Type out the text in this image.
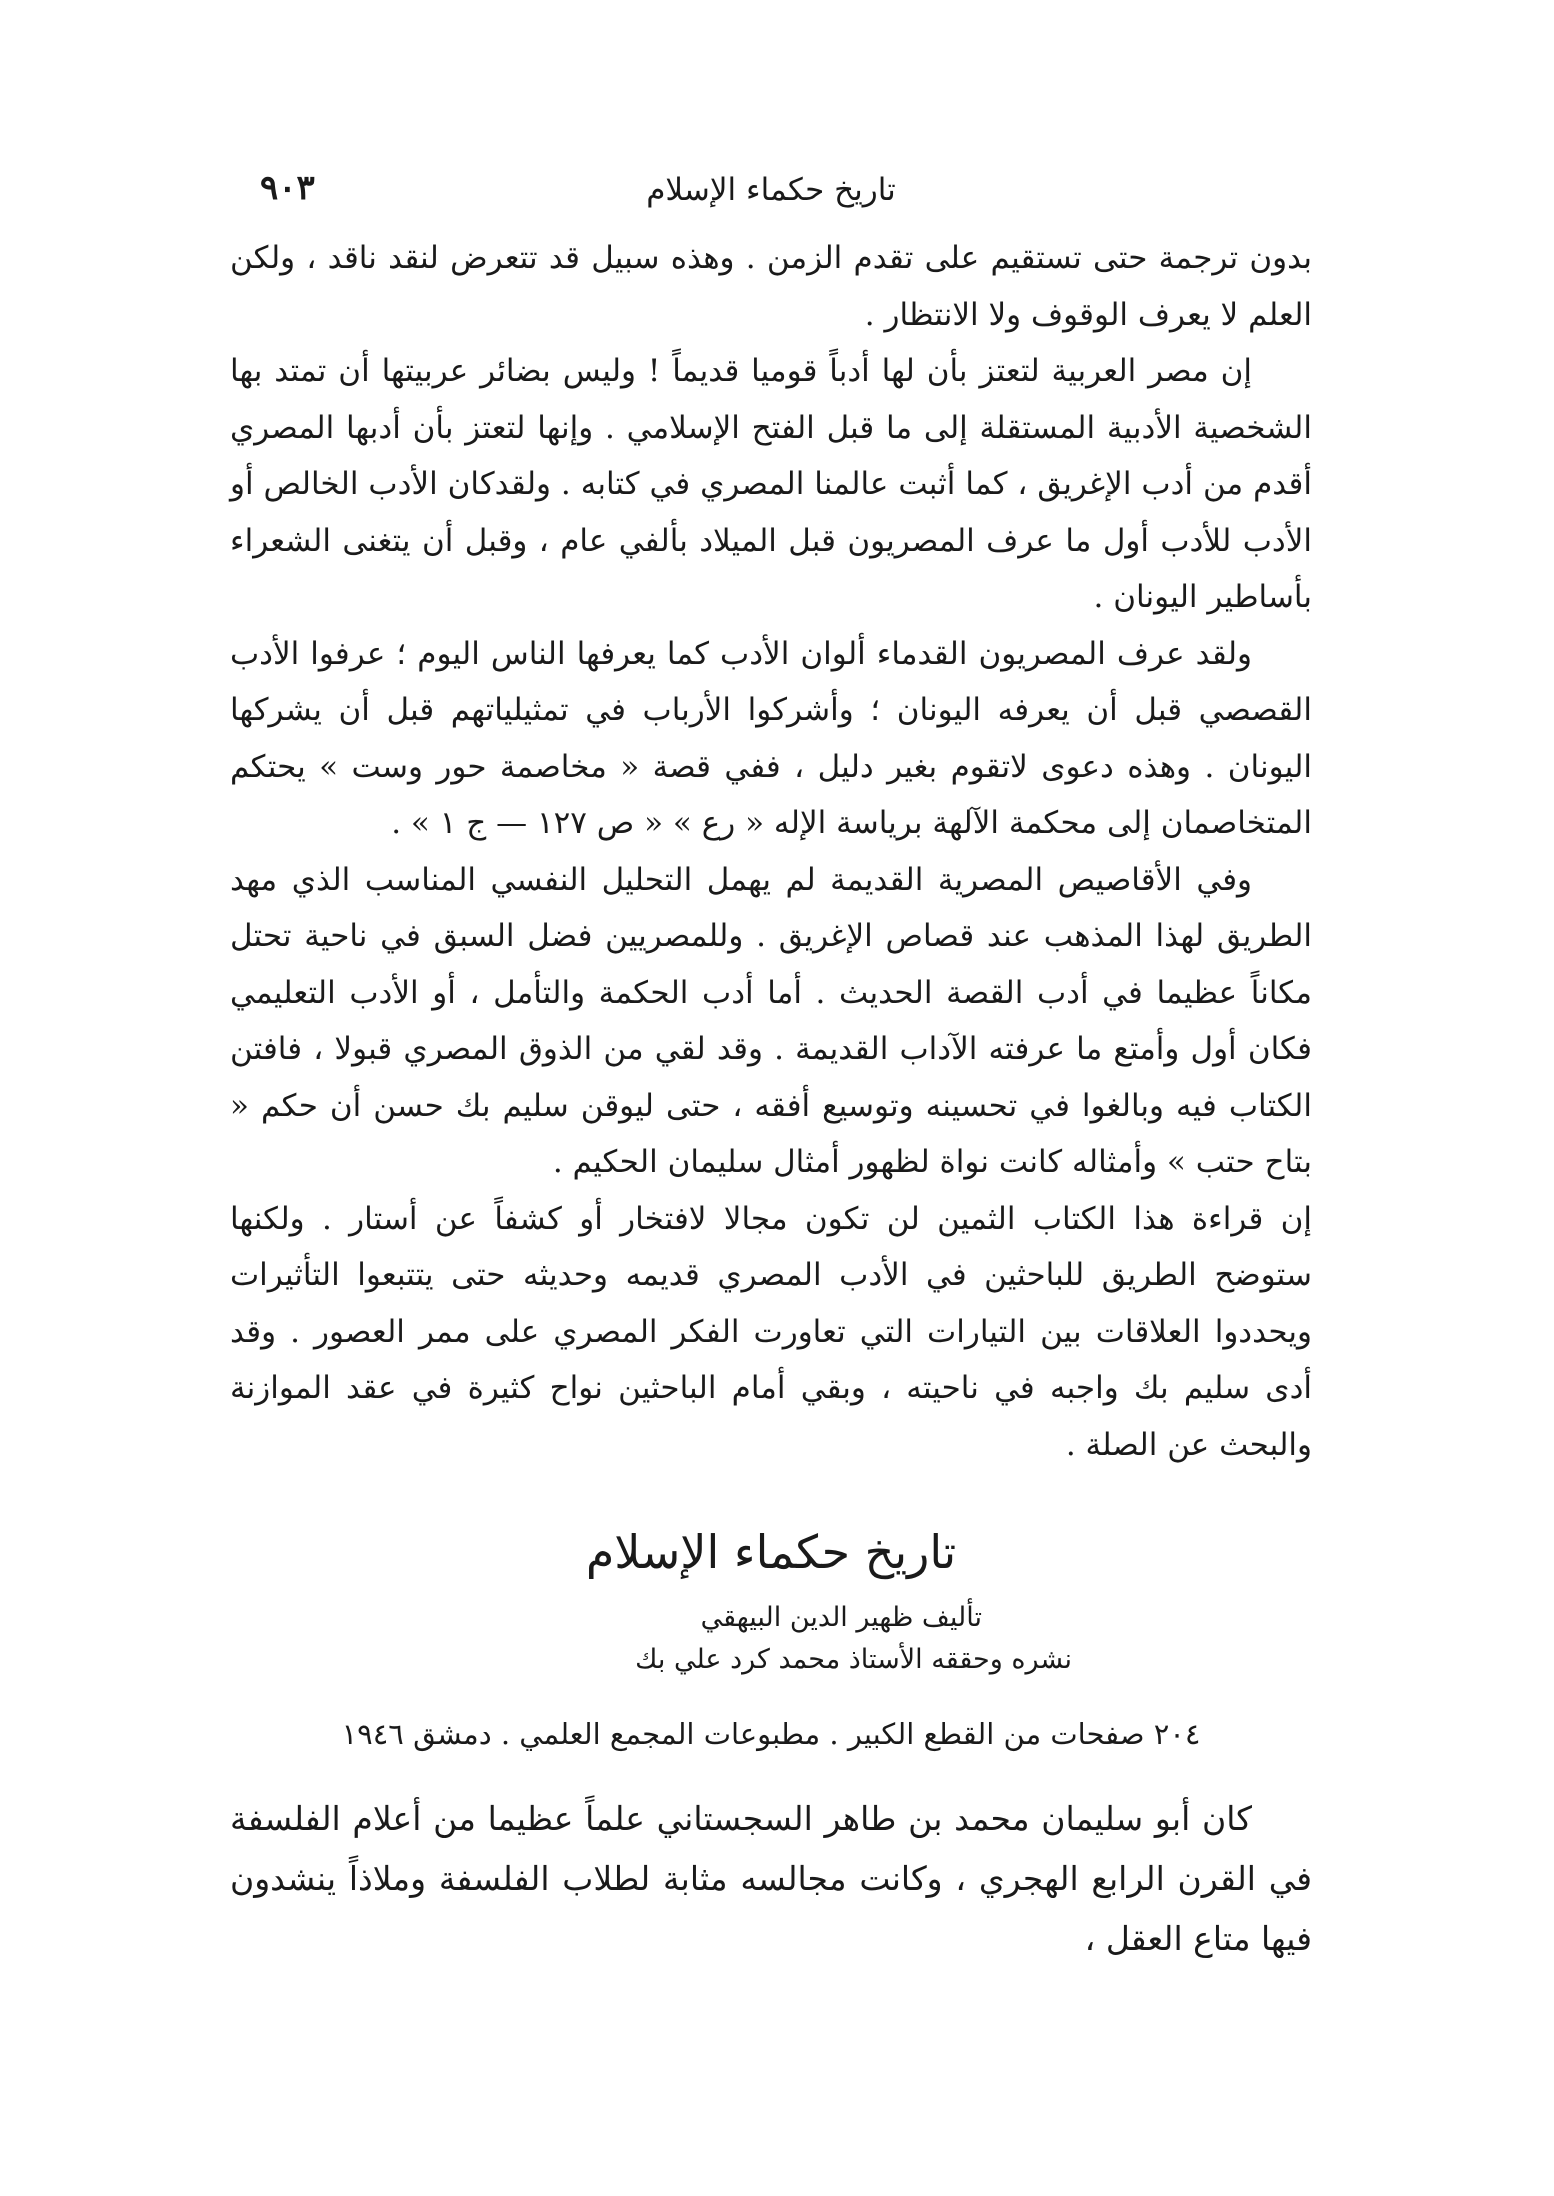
تاريخ حكماء الإسلام
٩٠٣

بدون ترجمة حتى تستقيم على تقدم الزمن . وهذه سبيل قد تتعرض لنقد ناقد ، ولكن العلم لا يعرف الوقوف ولا الانتظار .

إن مصر العربية لتعتز بأن لها أدباً قوميا قديماً ! وليس بضائر عربيتها أن تمتد بها الشخصية الأدبية المستقلة إلى ما قبل الفتح الإسلامي . وإنها لتعتز بأن أدبها المصري أقدم من أدب الإغريق ، كما أثبت عالمنا المصري في كتابه . ولقدكان الأدب الخالص أو الأدب للأدب أول ما عرف المصريون قبل الميلاد بألفي عام ، وقبل أن يتغنى الشعراء بأساطير اليونان .

ولقد عرف المصريون القدماء ألوان الأدب كما يعرفها الناس اليوم ؛ عرفوا الأدب القصصي قبل أن يعرفه اليونان ؛ وأشركوا الأرباب في تمثيلياتهم قبل أن يشركها اليونان . وهذه دعوى لاتقوم بغير دليل ، ففي قصة « مخاصمة حور وست » يحتكم المتخاصمان إلى محكمة الآلهة برياسة الإله « رع » « ص ١٢٧ — ج ١ » .

وفي الأقاصيص المصرية القديمة لم يهمل التحليل النفسي المناسب الذي مهد الطريق لهذا المذهب عند قصاص الإغريق . وللمصريين فضل السبق في ناحية تحتل مكاناً عظيما في أدب القصة الحديث . أما أدب الحكمة والتأمل ، أو الأدب التعليمي فكان أول وأمتع ما عرفته الآداب القديمة . وقد لقي من الذوق المصري قبولا ، فافتن الكتاب فيه وبالغوا في تحسينه وتوسيع أفقه ، حتى ليوقن سليم بك حسن أن حكم « بتاح حتب » وأمثاله كانت نواة لظهور أمثال سليمان الحكيم .

إن قراءة هذا الكتاب الثمين لن تكون مجالا لافتخار أو كشفاً عن أستار . ولكنها ستوضح الطريق للباحثين في الأدب المصري قديمه وحديثه حتى يتتبعوا التأثيرات ويحددوا العلاقات بين التيارات التي تعاورت الفكر المصري على ممر العصور . وقد أدى سليم بك واجبه في ناحيته ، وبقي أمام الباحثين نواح كثيرة في عقد الموازنة والبحث عن الصلة .

تاريخ حكماء الإسلام
تأليف ظهير الدين البيهقي
نشره وحققه الأستاذ محمد كرد علي بك
٢٠٤ صفحات من القطع الكبير . مطبوعات المجمع العلمي . دمشق ١٩٤٦

كان أبو سليمان محمد بن طاهر السجستاني علماً عظيما من أعلام الفلسفة في القرن الرابع الهجري ، وكانت مجالسه مثابة لطلاب الفلسفة وملاذاً ينشدون فيها متاع العقل ،
